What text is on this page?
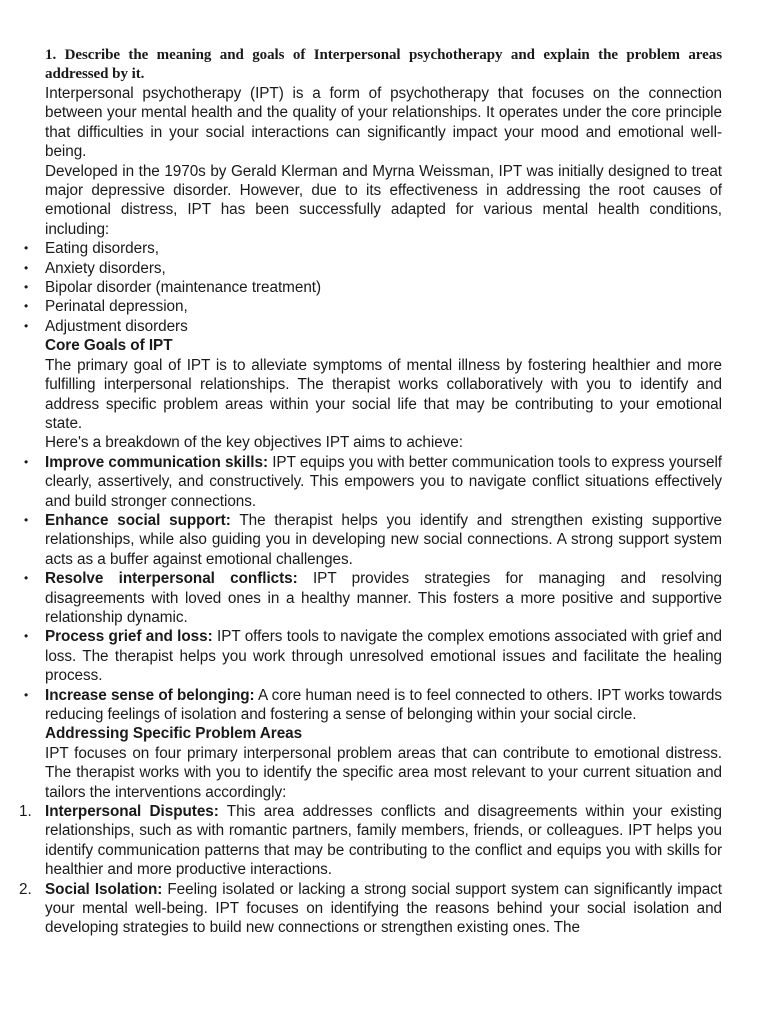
1. Describe the meaning and goals of Interpersonal psychotherapy and explain the problem areas addressed by it.

Interpersonal psychotherapy (IPT) is a form of psychotherapy that focuses on the connection between your mental health and the quality of your relationships. It operates under the core principle that difficulties in your social interactions can significantly impact your mood and emotional well-being.

Developed in the 1970s by Gerald Klerman and Myrna Weissman, IPT was initially designed to treat major depressive disorder. However, due to its effectiveness in addressing the root causes of emotional distress, IPT has been successfully adapted for various mental health conditions, including:

• Eating disorders,
• Anxiety disorders,
• Bipolar disorder (maintenance treatment)
• Perinatal depression,
• Adjustment disorders

Core Goals of IPT

The primary goal of IPT is to alleviate symptoms of mental illness by fostering healthier and more fulfilling interpersonal relationships. The therapist works collaboratively with you to identify and address specific problem areas within your social life that may be contributing to your emotional state.

Here's a breakdown of the key objectives IPT aims to achieve:

• Improve communication skills: IPT equips you with better communication tools to express yourself clearly, assertively, and constructively. This empowers you to navigate conflict situations effectively and build stronger connections.
• Enhance social support: The therapist helps you identify and strengthen existing supportive relationships, while also guiding you in developing new social connections. A strong support system acts as a buffer against emotional challenges.
• Resolve interpersonal conflicts: IPT provides strategies for managing and resolving disagreements with loved ones in a healthy manner. This fosters a more positive and supportive relationship dynamic.
• Process grief and loss: IPT offers tools to navigate the complex emotions associated with grief and loss. The therapist helps you work through unresolved emotional issues and facilitate the healing process.
• Increase sense of belonging: A core human need is to feel connected to others. IPT works towards reducing feelings of isolation and fostering a sense of belonging within your social circle.

Addressing Specific Problem Areas

IPT focuses on four primary interpersonal problem areas that can contribute to emotional distress. The therapist works with you to identify the specific area most relevant to your current situation and tailors the interventions accordingly:

1. Interpersonal Disputes: This area addresses conflicts and disagreements within your existing relationships, such as with romantic partners, family members, friends, or colleagues. IPT helps you identify communication patterns that may be contributing to the conflict and equips you with skills for healthier and more productive interactions.
2. Social Isolation: Feeling isolated or lacking a strong social support system can significantly impact your mental well-being. IPT focuses on identifying the reasons behind your social isolation and developing strategies to build new connections or strengthen existing ones. The
